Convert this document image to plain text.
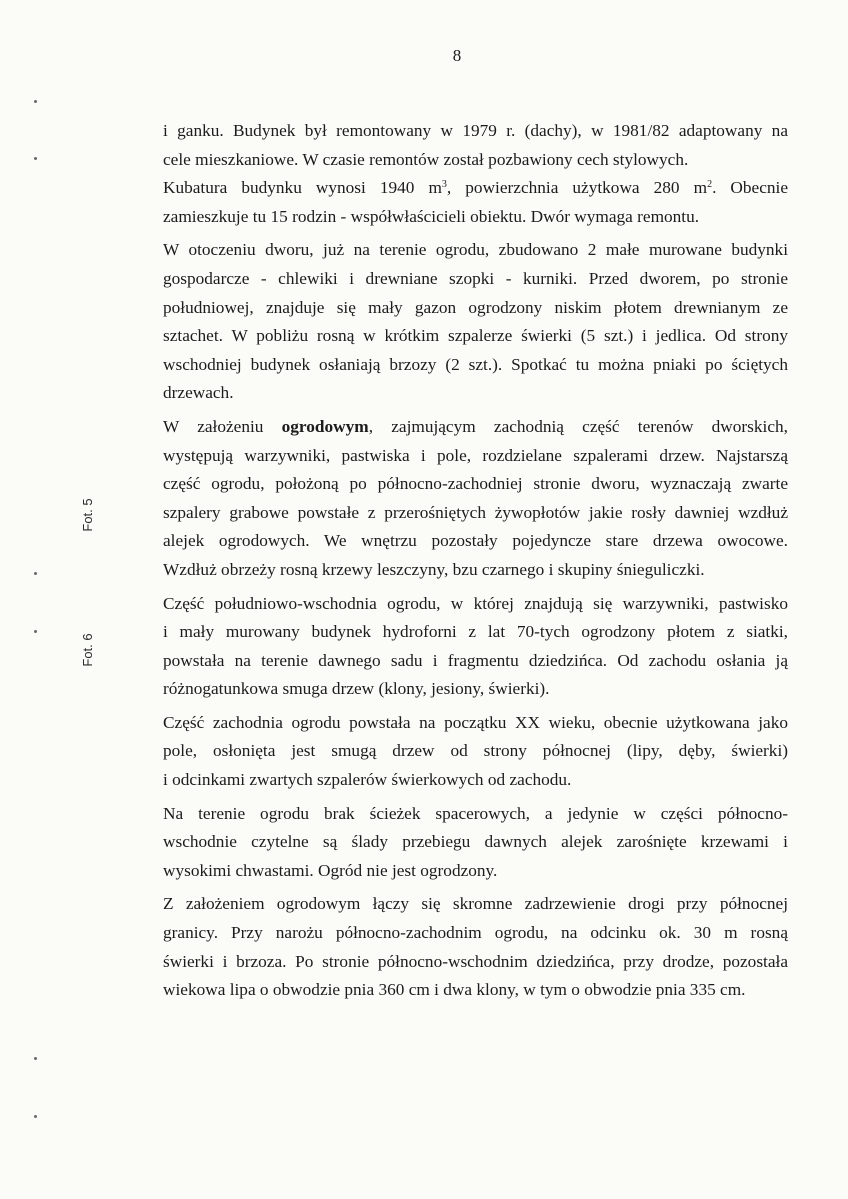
8
Fot. 5
Fot. 6

i ganku. Budynek był remontowany w 1979 r. (dachy), w 1981/82 adaptowany na
cele mieszkaniowe. W czasie remontów został pozbawiony cech stylowych.
Kubatura budynku wynosi 1940 $m^3$, powierzchnia użytkowa 280 $m^2$. Obecnie
zamieszkuje tu 15 rodzin - współwłaścicieli obiektu. Dwór wymaga remontu.

W otoczeniu dworu, już na terenie ogrodu, zbudowano 2 małe murowane budynki
gospodarcze - chlewiki i drewniane szopki - kurniki. Przed dworem, po stronie
południowej, znajduje się mały gazon ogrodzony niskim płotem drewnianym ze
sztachet. W pobliżu rosną w krótkim szpalerze świerki (5 szt.) i jedlica. Od strony
wschodniej budynek osłaniają brzozy (2 szt.). Spotkać tu można pniaki po ściętych
drzewach.

W założeniu ogrodowym, zajmującym zachodnią część terenów dworskich,
występują warzywniki, pastwiska i pole, rozdzielane szpalerami drzew. Najstarszą
część ogrodu, położoną po północno-zachodniej stronie dworu, wyznaczają zwarte
szpalery grabowe powstałe z przerośniętych żywopłotów jakie rosły dawniej wzdłuż
alejek ogrodowych. We wnętrzu pozostały pojedyncze stare drzewa owocowe.
Wzdłuż obrzeży rosną krzewy leszczyny, bzu czarnego i skupiny śnieguliczki.

Część południowo-wschodnia ogrodu, w której znajdują się warzywniki, pastwisko
i mały murowany budynek hydroforni z lat 70-tych ogrodzony płotem z siatki,
powstała na terenie dawnego sadu i fragmentu dziedzińca. Od zachodu osłania ją
różnogatunkowa smuga drzew (klony, jesiony, świerki).

Część zachodnia ogrodu powstała na początku XX wieku, obecnie użytkowana jako
pole, osłonięta jest smugą drzew od strony północnej (lipy, dęby, świerki)
i odcinkami zwartych szpalerów świerkowych od zachodu.

Na terenie ogrodu brak ścieżek spacerowych, a jedynie w części północno-
wschodnie czytelne są ślady przebiegu dawnych alejek zarośnięte krzewami i
wysokimi chwastami. Ogród nie jest ogrodzony.

Z założeniem ogrodowym łączy się skromne zadrzewienie drogi przy północnej
granicy. Przy narożu północno-zachodnim ogrodu, na odcinku ok. 30 m rosną
świerki i brzoza. Po stronie północno-wschodnim dziedzińca, przy drodze, pozostała
wiekowa lipa o obwodzie pnia 360 cm i dwa klony, w tym o obwodzie pnia 335 cm.
